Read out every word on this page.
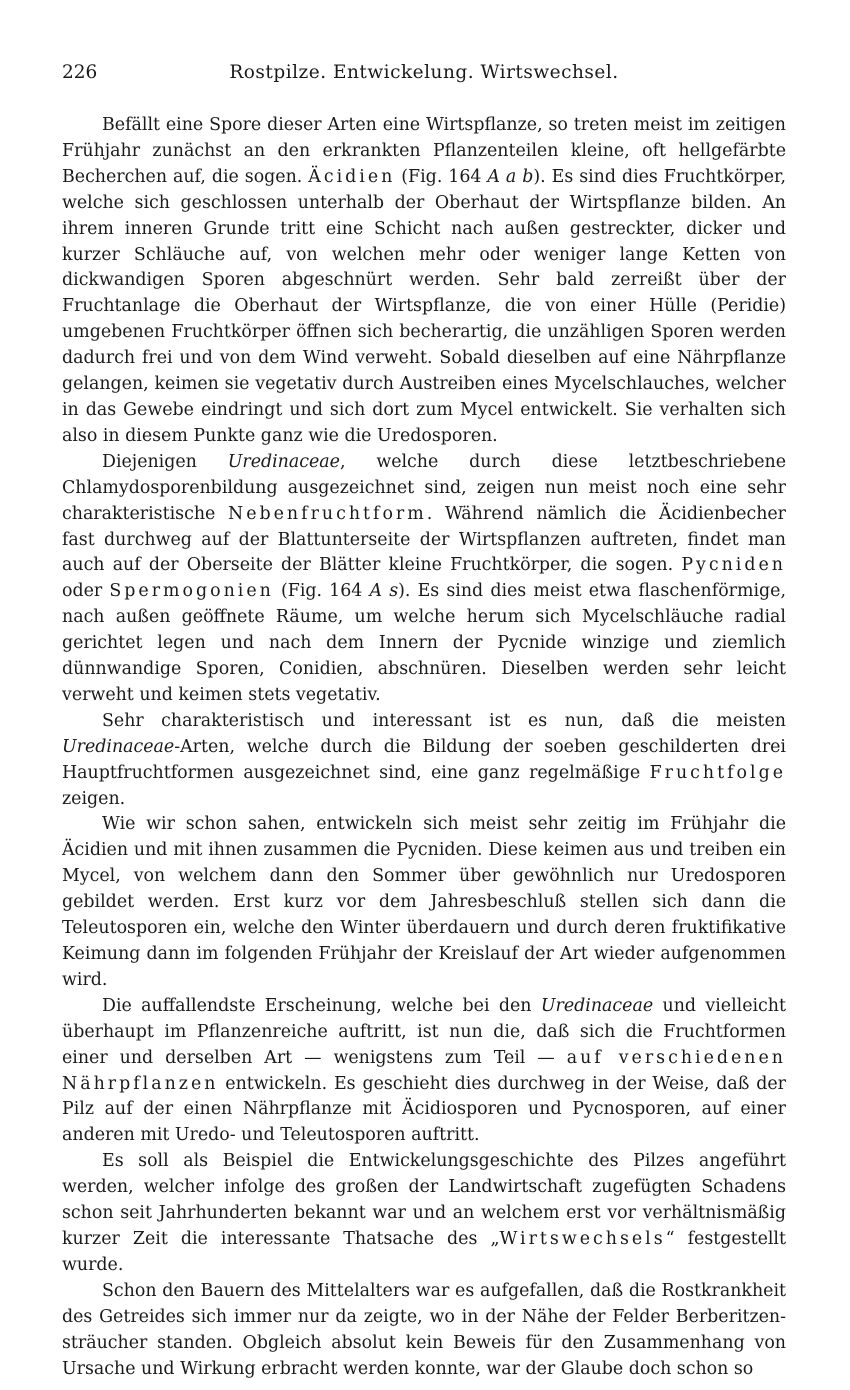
226	Rostpilze. Entwickelung. Wirtswechsel.

Befällt eine Spore dieser Arten eine Wirtspflanze, so treten meist im zeitigen Frühjahr zunächst an den erkrankten Pflanzenteilen kleine, oft hellgefärbte Becherchen auf, die sogen. Äcidien (Fig. 164 A a b). Es sind dies Fruchtkörper, welche sich geschlossen unterhalb der Oberhaut der Wirtspflanze bilden. An ihrem inneren Grunde tritt eine Schicht nach außen gestreckter, dicker und kurzer Schläuche auf, von welchen mehr oder weniger lange Ketten von dickwandigen Sporen abgeschnürt werden. Sehr bald zerreißt über der Fruchtanlage die Oberhaut der Wirtspflanze, die von einer Hülle (Peridie) umgebenen Fruchtkörper öffnen sich becherartig, die unzähligen Sporen werden dadurch frei und von dem Wind verweht. Sobald dieselben auf eine Nährpflanze gelangen, keimen sie vegetativ durch Austreiben eines Mycelschlauches, welcher in das Gewebe eindringt und sich dort zum Mycel entwickelt. Sie verhalten sich also in diesem Punkte ganz wie die Uredosporen.

Diejenigen Uredinaceae, welche durch diese letztbeschriebene Chlamydosporenbildung ausgezeichnet sind, zeigen nun meist noch eine sehr charakteristische Nebenfruchtform. Während nämlich die Äcidienbecher fast durchweg auf der Blattunterseite der Wirtspflanzen auftreten, findet man auch auf der Oberseite der Blätter kleine Fruchtkörper, die sogen. Pycniden oder Spermogonien (Fig. 164 A s). Es sind dies meist etwa flaschenförmige, nach außen geöffnete Räume, um welche herum sich Mycelschläuche radial gerichtet legen und nach dem Innern der Pycnide winzige und ziemlich dünnwandige Sporen, Conidien, abschnüren. Dieselben werden sehr leicht verweht und keimen stets vegetativ.

Sehr charakteristisch und interessant ist es nun, daß die meisten Uredinaceae-Arten, welche durch die Bildung der soeben geschilderten drei Hauptfruchtformen ausgezeichnet sind, eine ganz regelmäßige Fruchtfolge zeigen.

Wie wir schon sahen, entwickeln sich meist sehr zeitig im Frühjahr die Äcidien und mit ihnen zusammen die Pycniden. Diese keimen aus und treiben ein Mycel, von welchem dann den Sommer über gewöhnlich nur Uredosporen gebildet werden. Erst kurz vor dem Jahresbeschluß stellen sich dann die Teleutosporen ein, welche den Winter überdauern und durch deren fruktifikative Keimung dann im folgenden Frühjahr der Kreislauf der Art wieder aufgenommen wird.

Die auffallendste Erscheinung, welche bei den Uredinaceae und vielleicht überhaupt im Pflanzenreiche auftritt, ist nun die, daß sich die Fruchtformen einer und derselben Art — wenigstens zum Teil — auf verschiedenen Nährpflanzen entwickeln. Es geschieht dies durchweg in der Weise, daß der Pilz auf der einen Nährpflanze mit Äcidiosporen und Pycnosporen, auf einer anderen mit Uredo- und Teleutosporen auftritt.

Es soll als Beispiel die Entwickelungsgeschichte des Pilzes angeführt werden, welcher infolge des großen der Landwirtschaft zugefügten Schadens schon seit Jahrhunderten bekannt war und an welchem erst vor verhältnismäßig kurzer Zeit die interessante Thatsache des „Wirtswechsels“ festgestellt wurde.

Schon den Bauern des Mittelalters war es aufgefallen, daß die Rostkrankheit des Getreides sich immer nur da zeigte, wo in der Nähe der Felder Berberitzensträucher standen. Obgleich absolut kein Beweis für den Zusammenhang von Ursache und Wirkung erbracht werden konnte, war der Glaube doch schon so
